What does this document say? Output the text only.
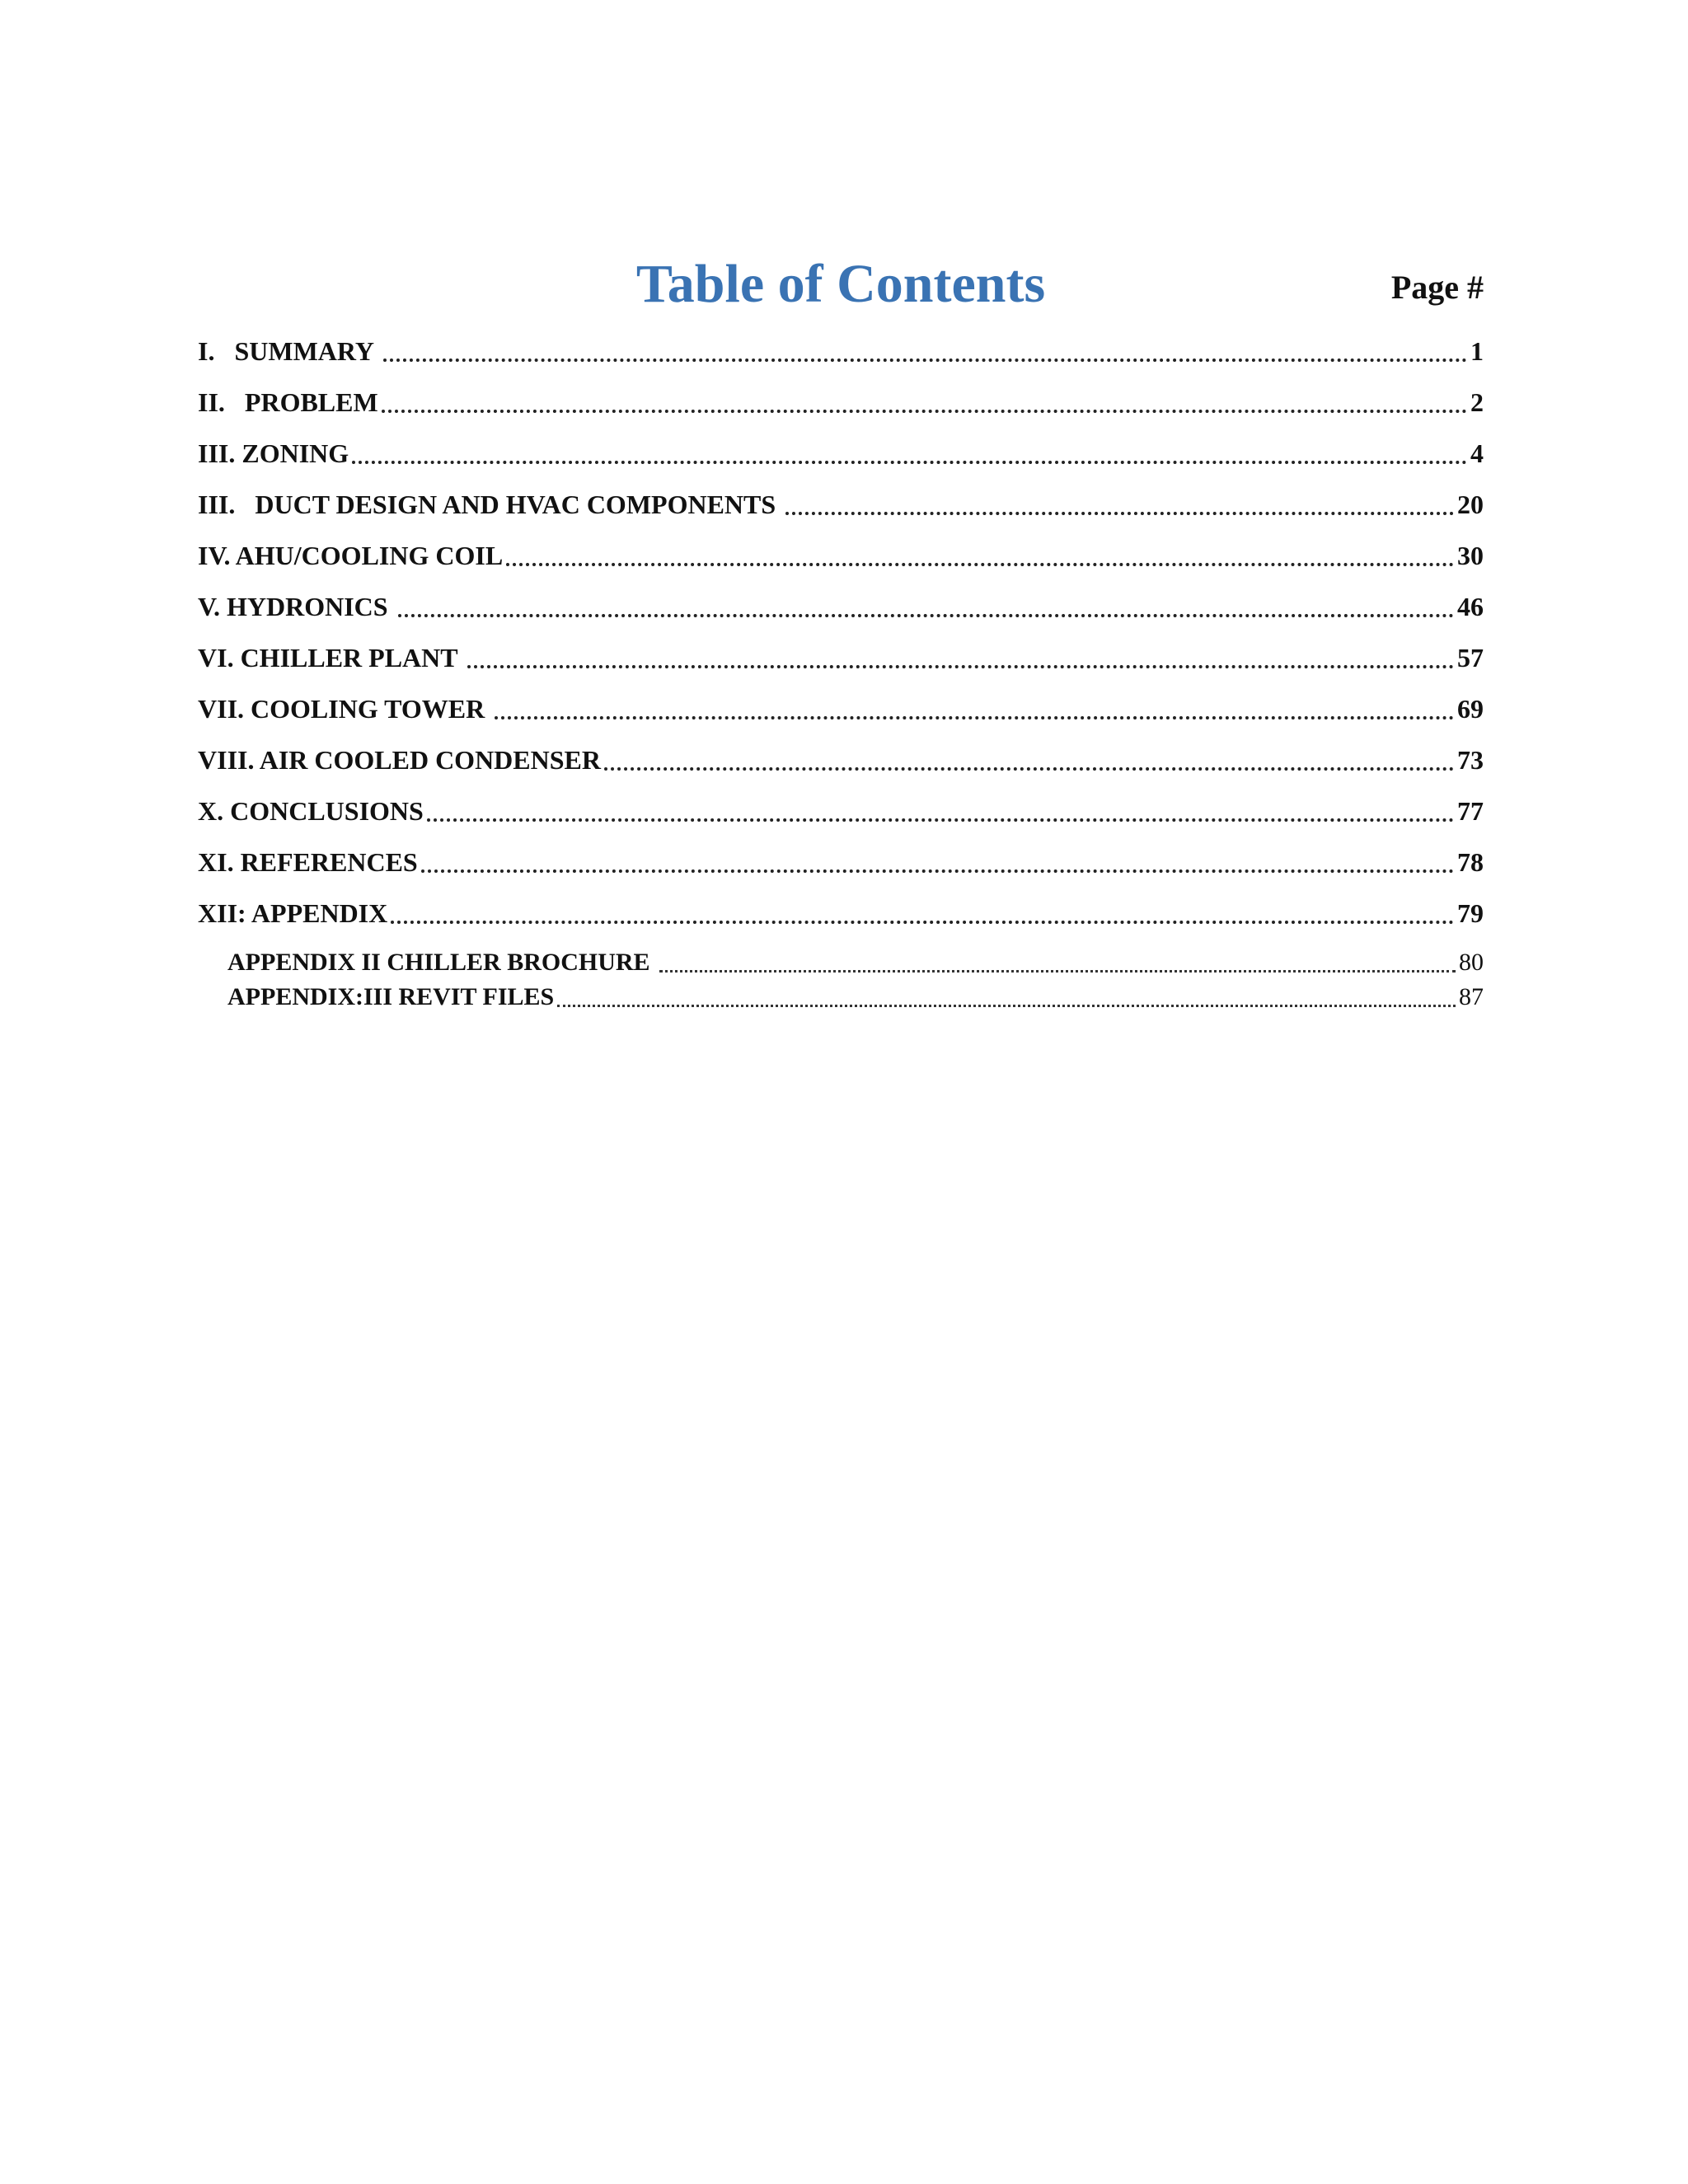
Table of Contents	Page #
I.   SUMMARY	1
II.   PROBLEM	2
III. ZONING	4
III.   DUCT DESIGN AND HVAC COMPONENTS	20
IV. AHU/COOLING COIL	30
V. HYDRONICS	46
VI. CHILLER PLANT	57
VII. COOLING TOWER	69
VIII. AIR COOLED CONDENSER	73
X. CONCLUSIONS	77
XI. REFERENCES	78
XII: APPENDIX	79
APPENDIX II CHILLER BROCHURE	80
APPENDIX:III REVIT FILES	87
